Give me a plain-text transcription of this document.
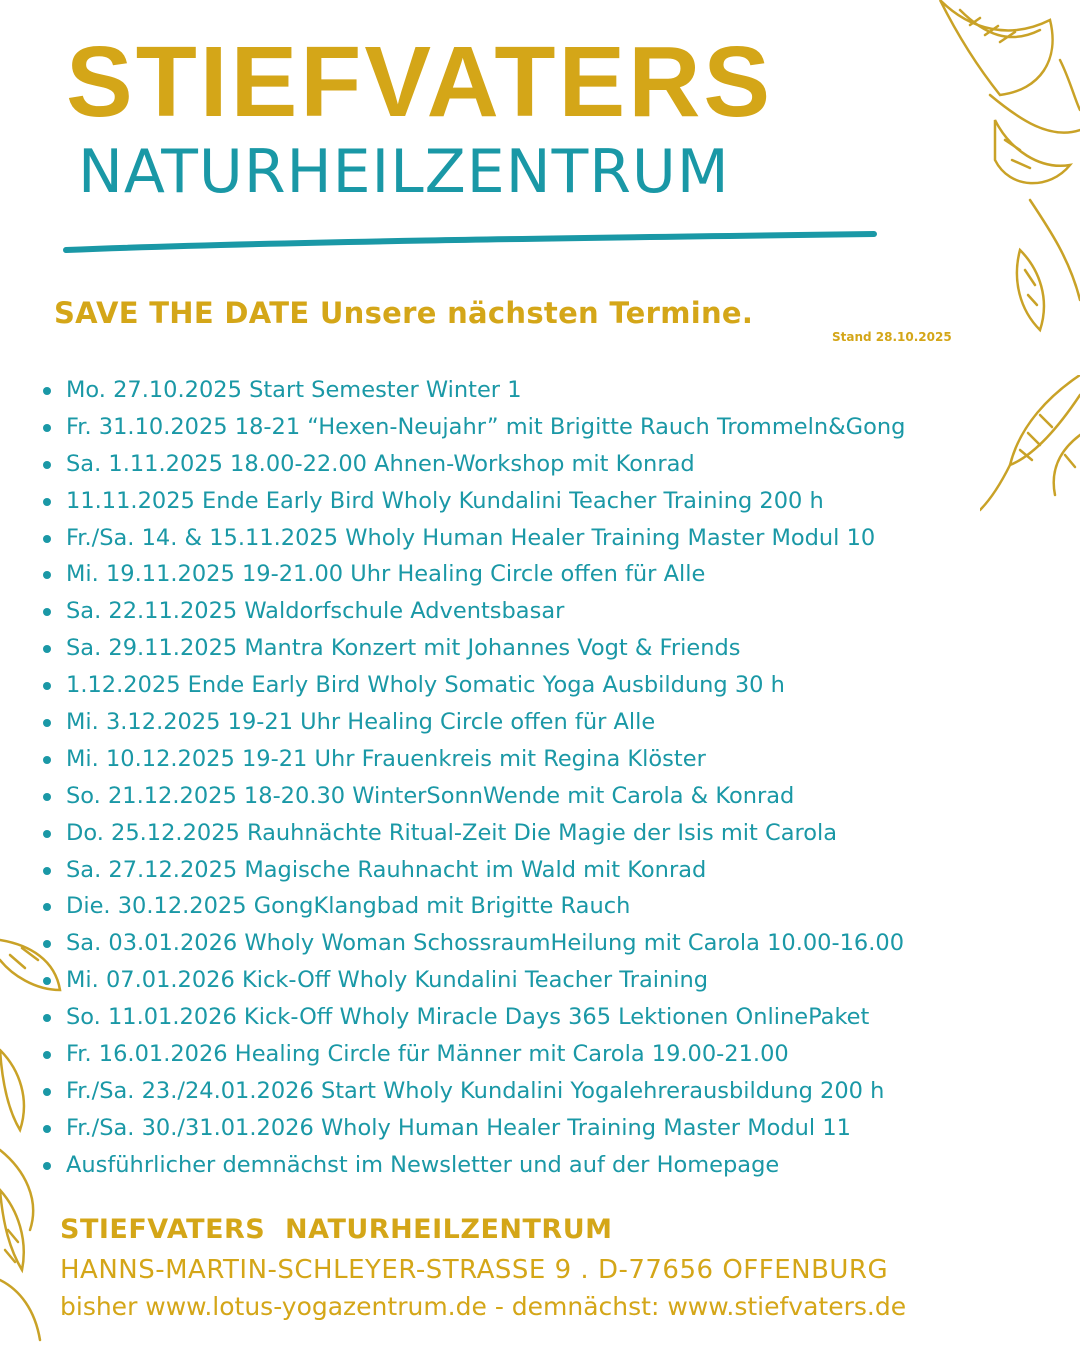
STIEFVATERS
NATURHEILZENTRUM
SAVE THE DATE Unsere nächsten Termine.
Stand 28.10.2025
Mo. 27.10.2025 Start Semester Winter 1
Fr. 31.10.2025 18-21 “Hexen-Neujahr” mit Brigitte Rauch Trommeln&Gong
Sa. 1.11.2025 18.00-22.00 Ahnen-Workshop mit Konrad
11.11.2025 Ende Early Bird Wholy Kundalini Teacher Training 200 h
Fr./Sa. 14. & 15.11.2025 Wholy Human Healer Training Master Modul 10
Mi. 19.11.2025 19-21.00 Uhr Healing Circle offen für Alle
Sa. 22.11.2025 Waldorfschule Adventsbasar
Sa. 29.11.2025 Mantra Konzert mit Johannes Vogt & Friends
1.12.2025 Ende Early Bird Wholy Somatic Yoga Ausbildung 30 h
Mi. 3.12.2025 19-21 Uhr Healing Circle offen für Alle
Mi. 10.12.2025 19-21 Uhr Frauenkreis mit Regina Klöster
So. 21.12.2025 18-20.30 WinterSonnWende mit Carola & Konrad
Do. 25.12.2025 Rauhnächte Ritual-Zeit Die Magie der Isis mit Carola
Sa. 27.12.2025 Magische Rauhnacht im Wald mit Konrad
Die. 30.12.2025 GongKlangbad mit Brigitte Rauch
Sa. 03.01.2026 Wholy Woman SchossraumHeilung mit Carola 10.00-16.00
Mi. 07.01.2026 Kick-Off Wholy Kundalini Teacher Training
So. 11.01.2026 Kick-Off Wholy Miracle Days 365 Lektionen OnlinePaket
Fr. 16.01.2026 Healing Circle für Männer mit Carola 19.00-21.00
Fr./Sa. 23./24.01.2026 Start Wholy Kundalini Yogalehrerausbildung 200 h
Fr./Sa. 30./31.01.2026 Wholy Human Healer Training Master Modul 11
Ausführlicher demnächst im Newsletter und auf der Homepage
STIEFVATERS  NATURHEILZENTRUM
HANNS-MARTIN-SCHLEYER-STRASSE 9 . D-77656 OFFENBURG
bisher www.lotus-yogazentrum.de - demnächst: www.stiefvaters.de
